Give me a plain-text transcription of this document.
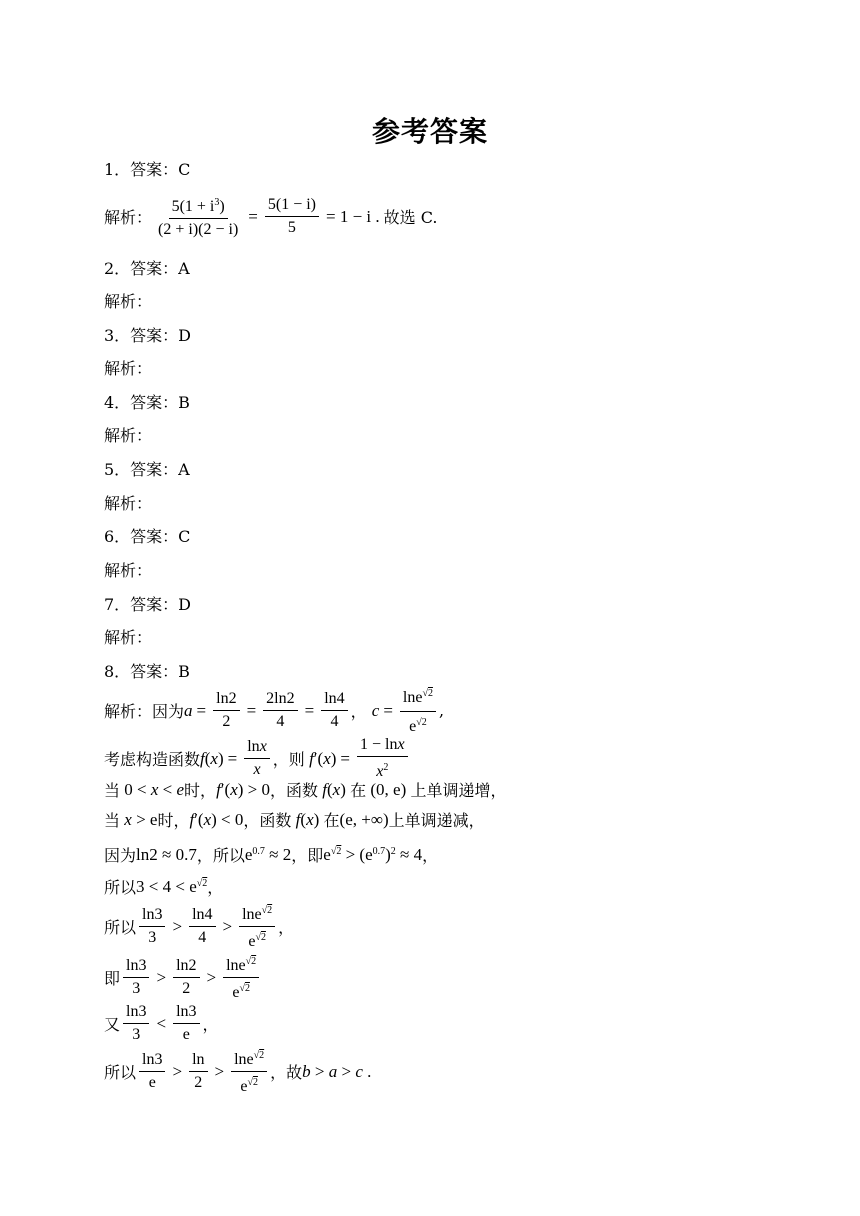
参考答案
1．答案：C
解析： $\frac{5(1 + i^3)}{(2 + i)(2 - i)} = \frac{5(1 - i)}{5} = 1 - i$ . 故选 C.
2．答案：A
解析：
3．答案：D
解析：
4．答案：B
解析：
5．答案：A
解析：
6．答案：C
解析：
7．答案：D
解析：
8．答案：B
解析： 因为 $a = \frac{\ln 2}{2} = \frac{2\ln 2}{4} = \frac{\ln 4}{4}$ ， $c = \frac{\ln e^{√2}}{e^{√2}}$ ,
考虑构造函数 $f(x) = \frac{\ln x}{x}$ ，则 $f'(x) = \frac{1 - \ln x}{x^2}$
当 0 < x < e 时， f′(x) > 0 ，函数 f(x) 在 (0, e) 上单调递增，
当 x > e 时， f′(x) < 0 ，函数 f(x) 在 (e, +∞) 上单调递减，
因为 ln2 ≈ 0.7 ， 所以 $e^{0.7} \approx 2$ ， 即 $e^{√2} > (e^{0.7})^2 \approx 4$ ，
所以 $3 < 4 < e^{√2}$ ，
所以 $\frac{\ln 3}{3} > \frac{\ln 4}{4} > \frac{\ln e^{√2}}{e^{√2}}$ ，
即 $\frac{\ln 3}{3} > \frac{\ln 2}{2} > \frac{\ln e^{√2}}{e^{√2}}$
又 $\frac{\ln 3}{3} < \frac{\ln 3}{e}$ ，
所以 $\frac{\ln 3}{e} > \frac{\ln}{2} > \frac{\ln e^{√2}}{e^{√2}}$ ，故 b > a > c .
